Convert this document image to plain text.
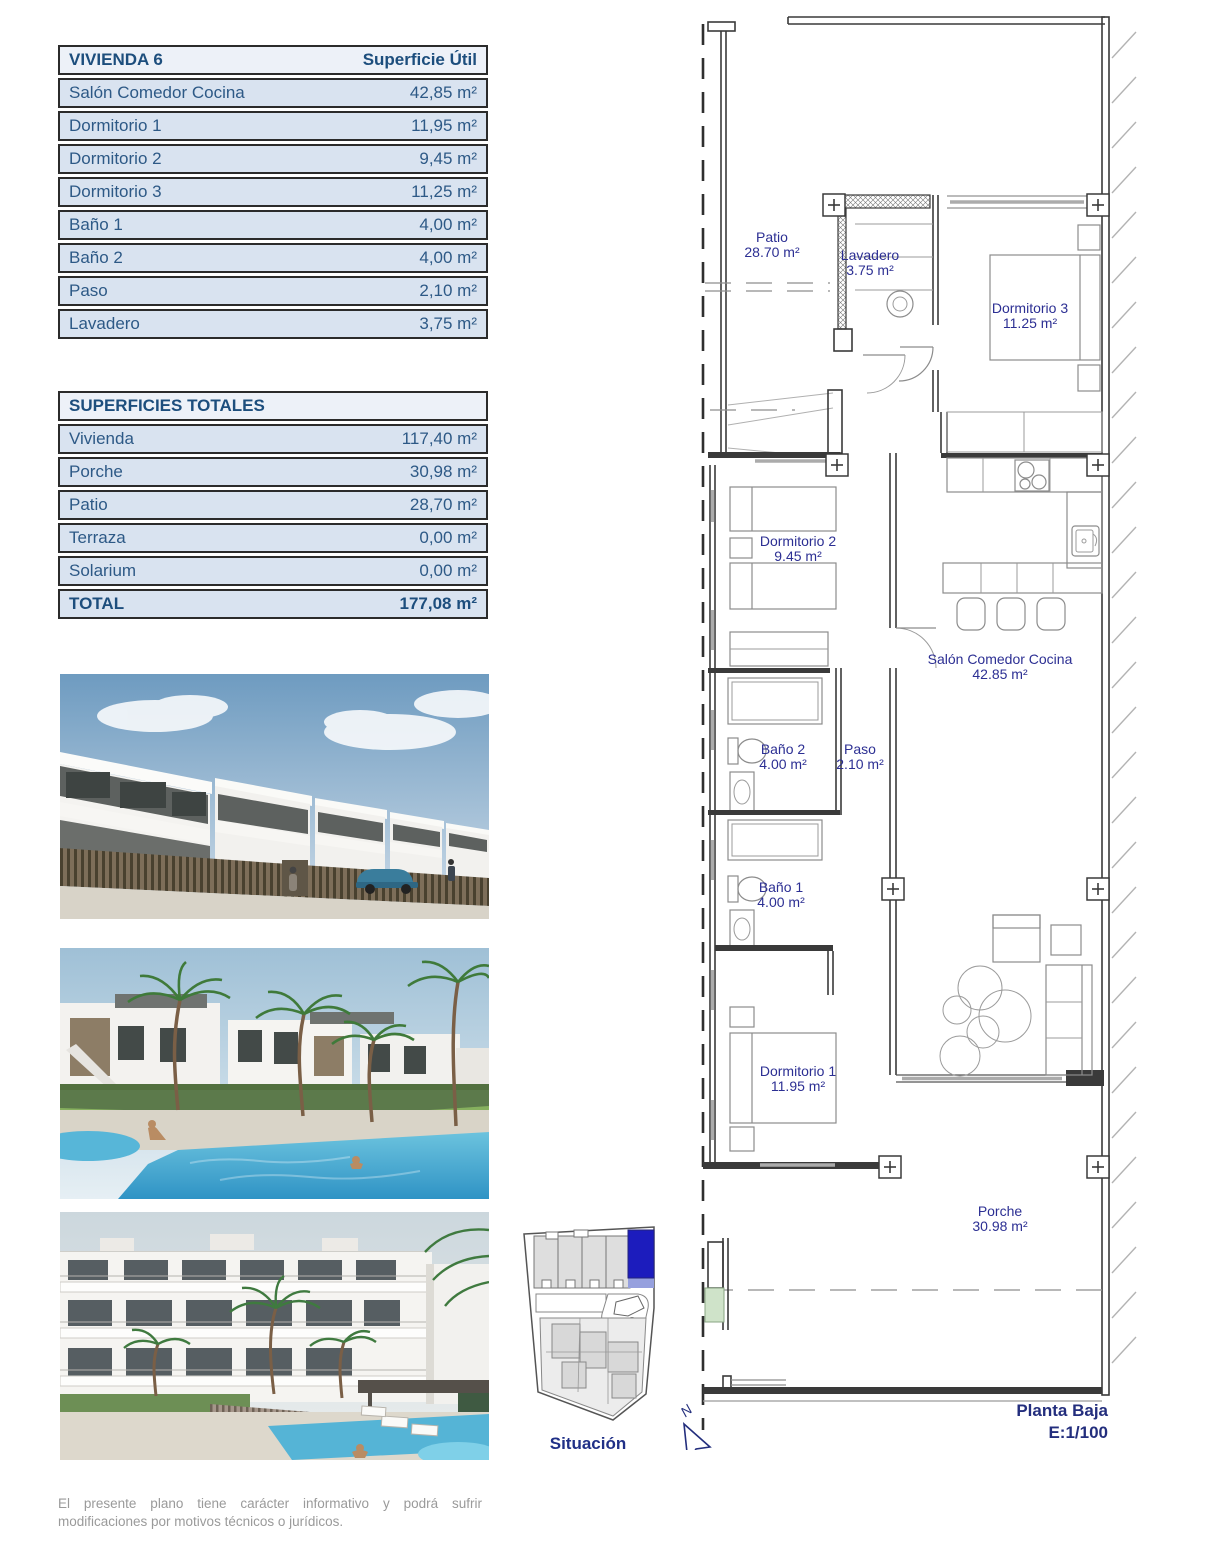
VIVIENDA 6	Superficie Útil
Salón Comedor Cocina	42,85 m²
Dormitorio 1	11,95 m²
Dormitorio 2	9,45 m²
Dormitorio 3	11,25 m²
Baño 1	4,00 m²
Baño 2	4,00 m²
Paso	2,10 m²
Lavadero	3,75 m²
SUPERFICIES TOTALES
Vivienda	117,40 m²
Porche	30,98 m²
Patio	28,70 m²
Terraza	0,00 m²
Solarium	0,00 m²
TOTAL	177,08 m²

El presente plano tiene carácter informativo y podrá sufrir modificaciones por motivos técnicos o jurídicos.

Situación
Patio
28.70 m²	Lavadero
3.75 m²
Dormitorio 3
11.25 m²
Dormitorio 2
9.45 m²
Salón Comedor Cocina
42.85 m²
Baño 2
4.00 m²
Paso
2.10 m²
Baño 1
4.00 m²
Dormitorio 1
11.95 m²
Porche
30.98 m²
Planta Baja
E:1/100
N
